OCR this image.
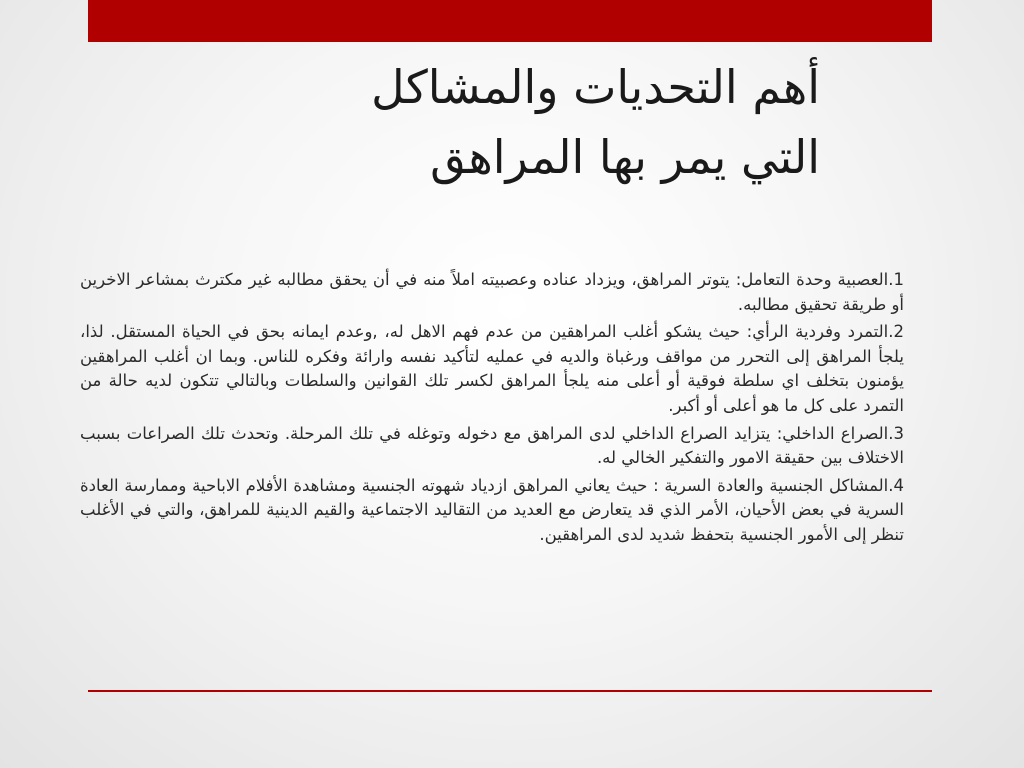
أهم التحديات والمشاكل
التي يمر بها المراهق

1.العصبية وحدة التعامل: يتوتر المراهق، ويزداد عناده وعصبيته املاً منه في أن يحقق مطالبه غير مكترث بمشاعر الاخرين أو طريقة تحقيق مطالبه.

2.التمرد وفردية الرأي: حيث يشكو أغلب المراهقين من عدم فهم الاهل له، ,وعدم ايمانه بحق في الحياة المستقل. لذا، يلجأ المراهق إلى التحرر من مواقف ورغباة والديه في عمليه لتأكيد نفسه وارائة وفكره للناس. وبما ان أغلب المراهقين يؤمنون بتخلف اي سلطة فوقية أو أعلى منه يلجأ المراهق لكسر تلك القوانين والسلطات وبالتالي تتكون لديه حالة من التمرد على كل ما هو أعلى أو أكبر.

3.الصراع الداخلي: يتزايد الصراع الداخلي لدى المراهق مع دخوله وتوغله في تلك المرحلة. وتحدث تلك الصراعات بسبب الاختلاف بين حقيقة الامور والتفكير الخالي له.

4.المشاكل الجنسية والعادة السرية : حيث يعاني المراهق ازدياد شهوته الجنسية ومشاهدة الأفلام الاباحية وممارسة العادة السرية في بعض الأحيان، الأمر الذي قد يتعارض مع العديد من التقاليد الاجتماعية والقيم الدينية للمراهق، والتي في الأغلب تنظر إلى الأمور الجنسية بتحفظ شديد لدى المراهقين.
